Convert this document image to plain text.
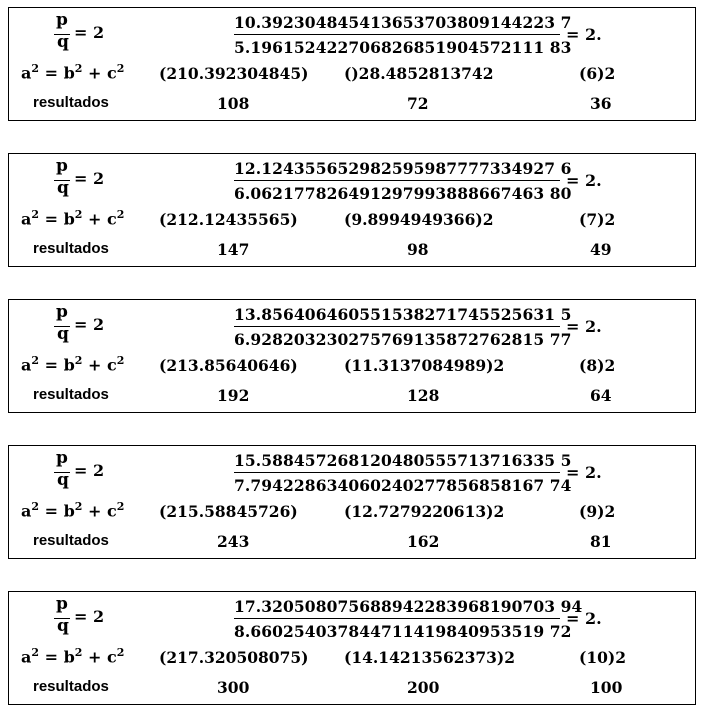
p
q = 2
10.392304845413653703809144223 7
5.196152422706826851904572111 83
= 2.
$a^2 = b^2 + c^2$ (210.392304845) ()28.4852813742	(6)2
resultados	108	72	36
p
q = 2
12.124355652982595987777334927 6
6.062177826491297993888667463 80
= 2.
$a^2 = b^2 + c^2$ (212.12435565)	(9.8994949366)2	(7)2
resultados	147	98	49
p
q = 2
13.856406460551538271745525631 5
6.928203230275769135872762815 77
= 2.
$a^2 = b^2 + c^2$ (213.85640646)	(11.3137084989)2	(8)2
resultados	192	128	64
p
q = 2
15.588457268120480555713716335 5
7.794228634060240277856858167 74
= 2.
$a^2 = b^2 + c^2$ (215.58845726)	(12.7279220613)2	(9)2
resultados	243	162	81
p
q = 2
17.320508075688942283968190703 94
8.660254037844711419840953519 72
= 2.
$a^2 = b^2 + c^2$ (217.320508075) (14.14213562373)2	(10)2
resultados	300	200	100
